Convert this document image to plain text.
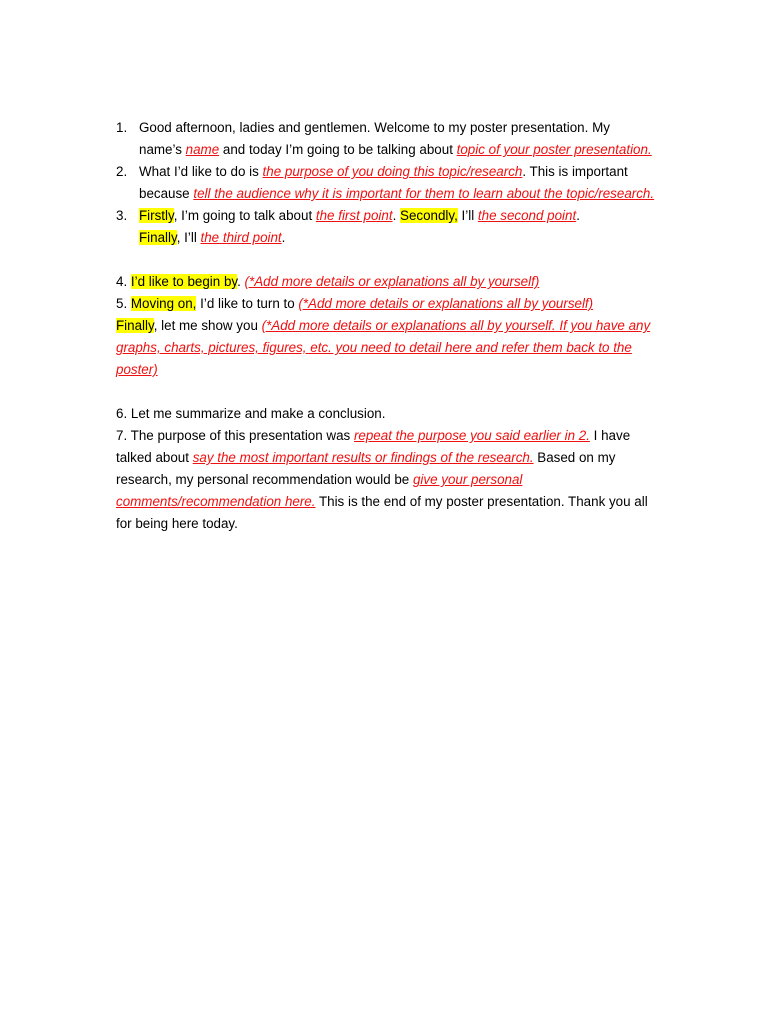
1. Good afternoon, ladies and gentlemen. Welcome to my poster presentation. My name’s name and today I’m going to be talking about topic of your poster presentation.

2. What I’d like to do is the purpose of you doing this topic/research. This is important because tell the audience why it is important for them to learn about the topic/research.

3. Firstly, I’m going to talk about the first point. Secondly, I’ll the second point.
Finally, I’ll the third point.

4. I’d like to begin by. (*Add more details or explanations all by yourself)

5. Moving on, I’d like to turn to (*Add more details or explanations all by yourself)
Finally, let me show you (*Add more details or explanations all by yourself. If you have any graphs, charts, pictures, figures, etc. you need to detail here and refer them back to the poster)

6. Let me summarize and make a conclusion.

7. The purpose of this presentation was repeat the purpose you said earlier in 2. I have talked about say the most important results or findings of the research. Based on my research, my personal recommendation would be give your personal comments/recommendation here. This is the end of my poster presentation. Thank you all for being here today.
